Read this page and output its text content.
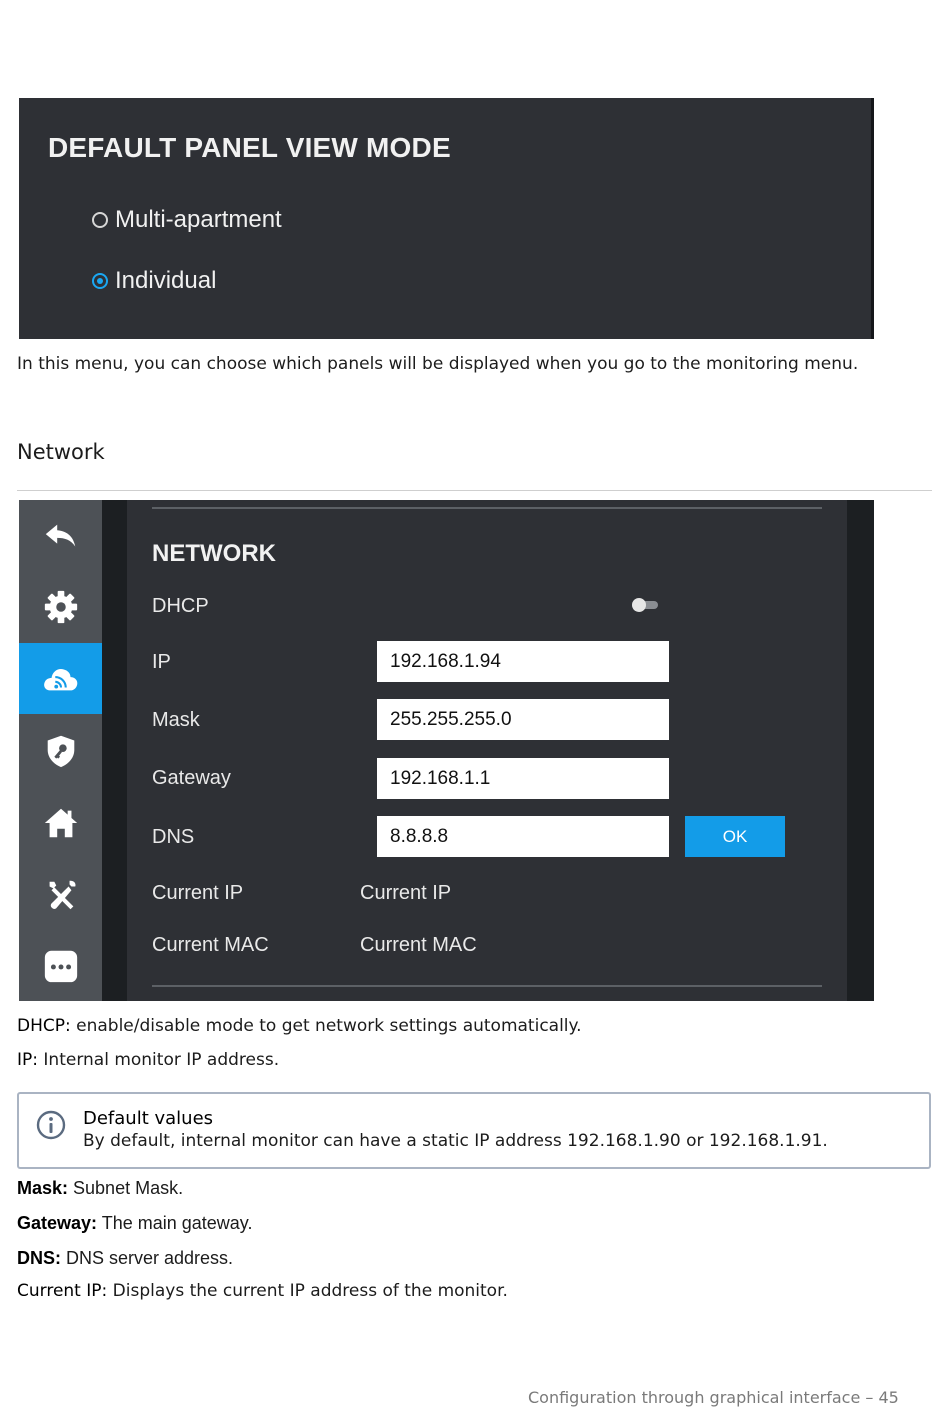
DEFAULT PANEL VIEW MODE
Multi-apartment
Individual
In this menu, you can choose which panels will be displayed when you go to the monitoring menu.
Network
NETWORK
DHCP
IP	192.168.1.94
Mask	255.255.255.0
Gateway	192.168.1.1
DNS	8.8.8.8	OK
Current IP	Current IP
Current MAC	Current MAC
DHCP: enable/disable mode to get network settings automatically.
IP: Internal monitor IP address.
Default values
By default, internal monitor can have a static IP address 192.168.1.90 or 192.168.1.91.
Mask: Subnet Mask.
Gateway: The main gateway.
DNS: DNS server address.
Current IP: Displays the current IP address of the monitor.
Configuration through graphical interface – 45
